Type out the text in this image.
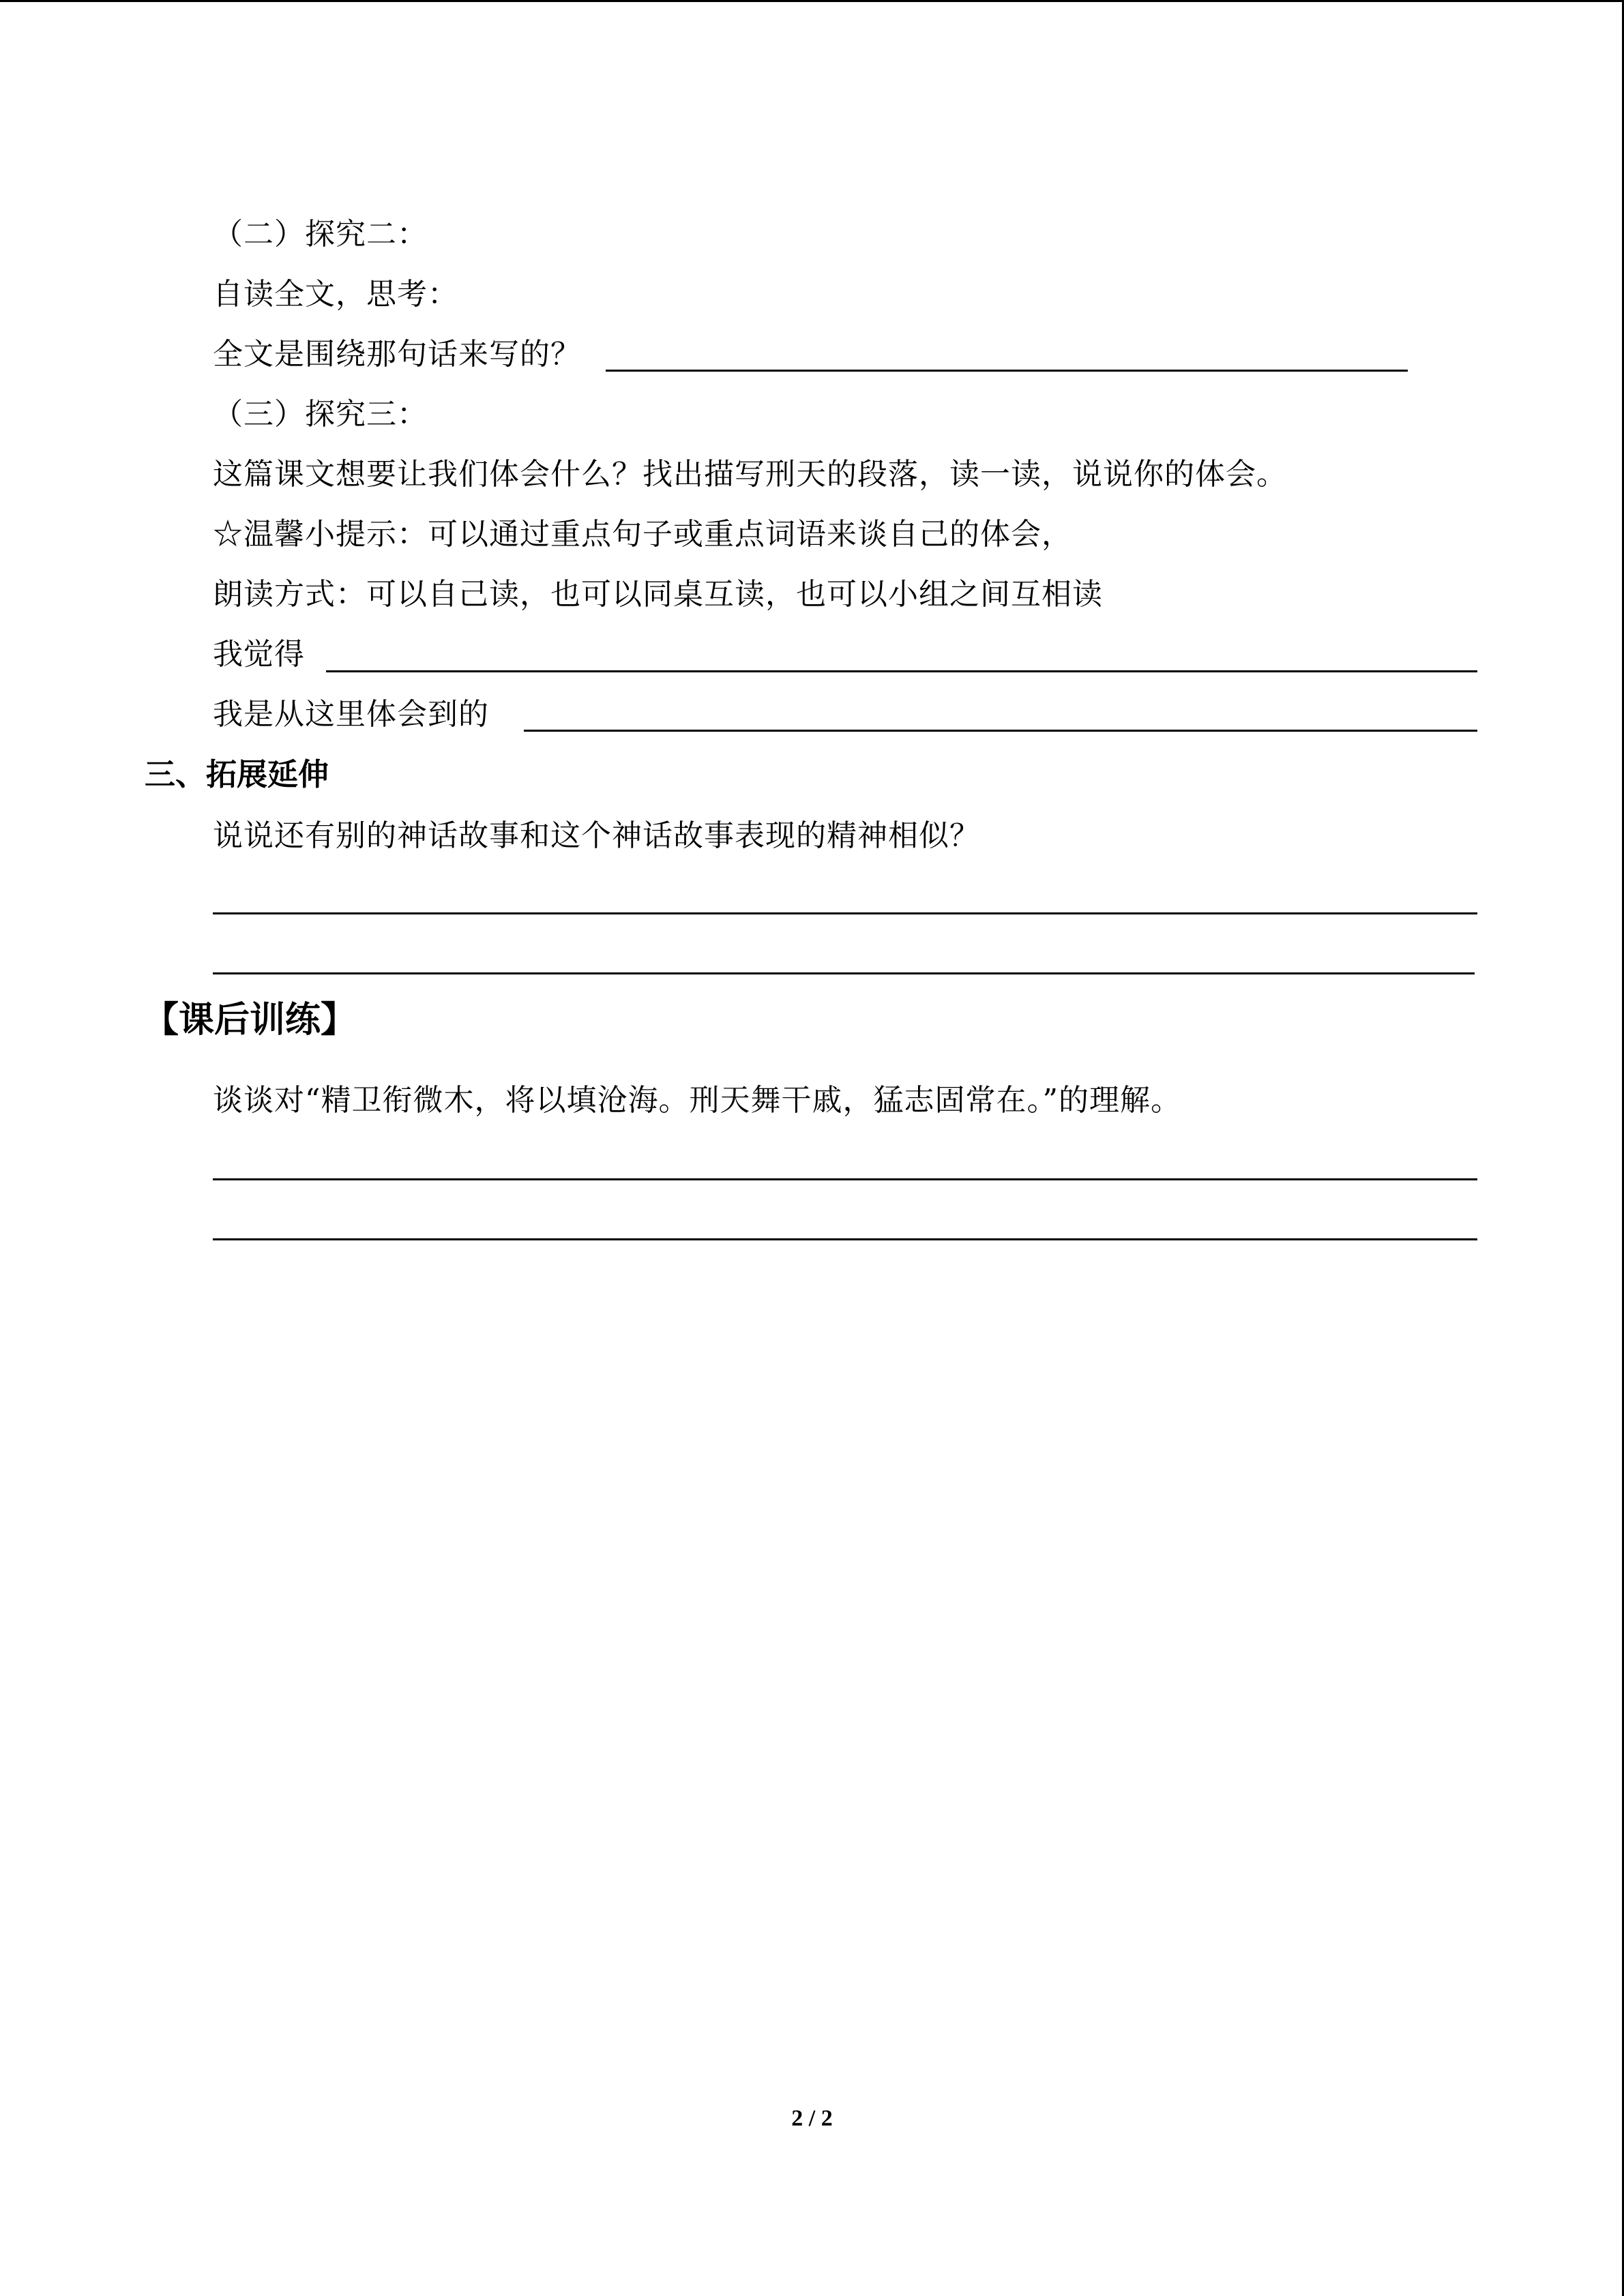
（二）探究二：
自读全文，思考：
全文是围绕那句话来写的？
（三）探究三：
这篇课文想要让我们体会什么？找出描写刑天的段落，读一读，说说你的体会。
☆温馨小提示：可以通过重点句子或重点词语来谈自己的体会，
朗读方式：可以自己读，也可以同桌互读，也可以小组之间互相读
我觉得
我是从这里体会到的
三、拓展延伸
说说还有别的神话故事和这个神话故事表现的精神相似？
【课后训练】
谈谈对“精卫衔微木，将以填沧海。刑天舞干戚，猛志固常在。”的理解。
2 / 2
